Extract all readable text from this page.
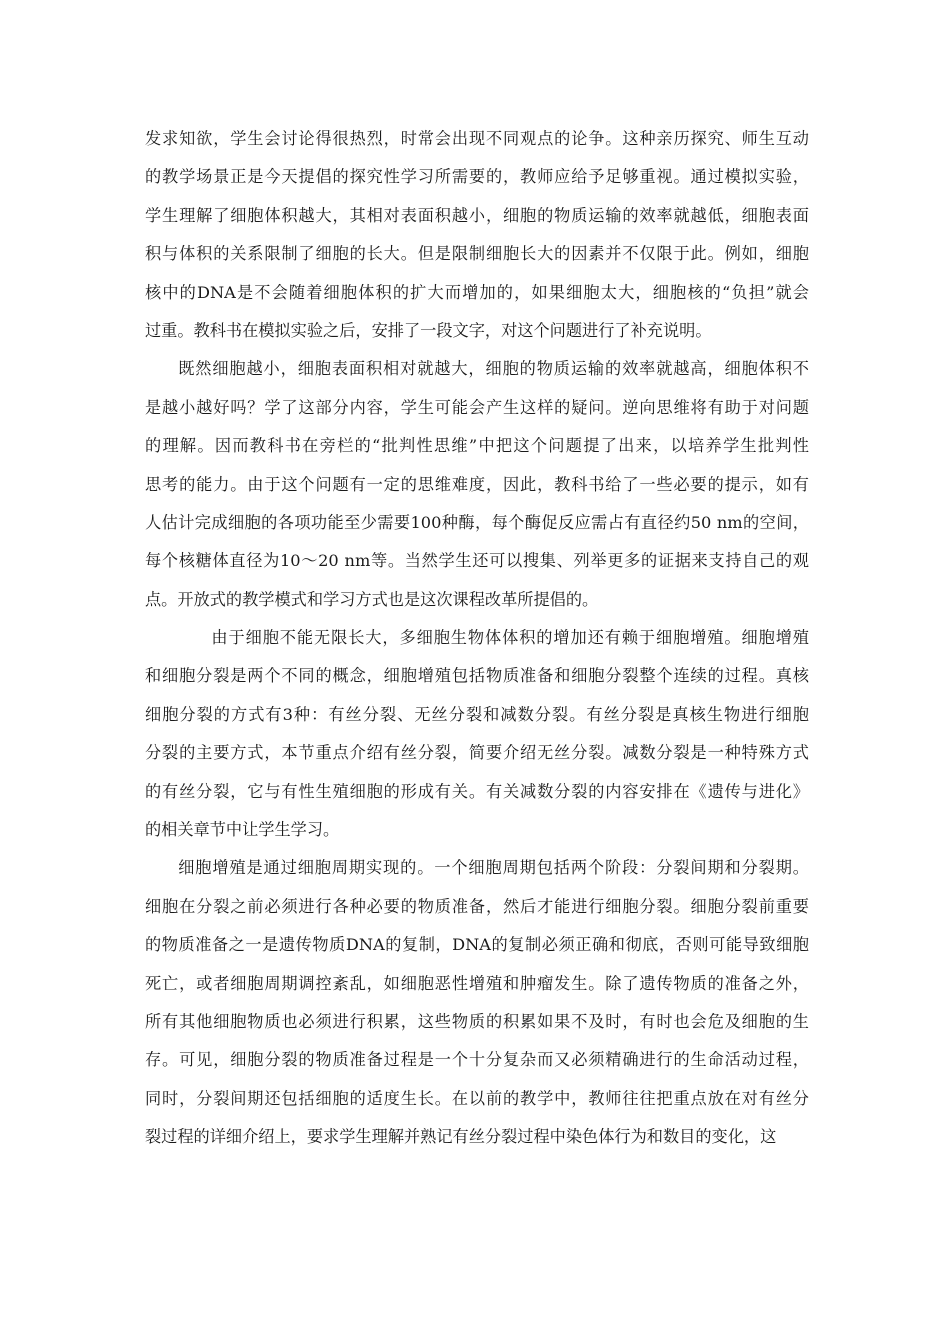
发求知欲，学生会讨论得很热烈，时常会出现不同观点的论争。这种亲历探究、师生互动
的教学场景正是今天提倡的探究性学习所需要的，教师应给予足够重视。通过模拟实验，
学生理解了细胞体积越大，其相对表面积越小，细胞的物质运输的效率就越低，细胞表面
积与体积的关系限制了细胞的长大。但是限制细胞长大的因素并不仅限于此。例如，细胞
核中的DNA是不会随着细胞体积的扩大而增加的，如果细胞太大，细胞核的“负担”就会
过重。教科书在模拟实验之后，安排了一段文字，对这个问题进行了补充说明。
既然细胞越小，细胞表面积相对就越大，细胞的物质运输的效率就越高，细胞体积不
是越小越好吗？学了这部分内容，学生可能会产生这样的疑问。逆向思维将有助于对问题
的理解。因而教科书在旁栏的“批判性思维”中把这个问题提了出来，以培养学生批判性
思考的能力。由于这个问题有一定的思维难度，因此，教科书给了一些必要的提示，如有
人估计完成细胞的各项功能至少需要100种酶，每个酶促反应需占有直径约50 nm的空间，
每个核糖体直径为10～20 nm等。当然学生还可以搜集、列举更多的证据来支持自己的观
点。开放式的教学模式和学习方式也是这次课程改革所提倡的。
由于细胞不能无限长大，多细胞生物体体积的增加还有赖于细胞增殖。细胞增殖
和细胞分裂是两个不同的概念，细胞增殖包括物质准备和细胞分裂整个连续的过程。真核
细胞分裂的方式有3种：有丝分裂、无丝分裂和减数分裂。有丝分裂是真核生物进行细胞
分裂的主要方式，本节重点介绍有丝分裂，简要介绍无丝分裂。减数分裂是一种特殊方式
的有丝分裂，它与有性生殖细胞的形成有关。有关减数分裂的内容安排在《遗传与进化》
的相关章节中让学生学习。
细胞增殖是通过细胞周期实现的。一个细胞周期包括两个阶段：分裂间期和分裂期。
细胞在分裂之前必须进行各种必要的物质准备，然后才能进行细胞分裂。细胞分裂前重要
的物质准备之一是遗传物质DNA的复制，DNA的复制必须正确和彻底，否则可能导致细胞
死亡，或者细胞周期调控紊乱，如细胞恶性增殖和肿瘤发生。除了遗传物质的准备之外，
所有其他细胞物质也必须进行积累，这些物质的积累如果不及时，有时也会危及细胞的生
存。可见，细胞分裂的物质准备过程是一个十分复杂而又必须精确进行的生命活动过程，
同时，分裂间期还包括细胞的适度生长。在以前的教学中，教师往往把重点放在对有丝分
裂过程的详细介绍上，要求学生理解并熟记有丝分裂过程中染色体行为和数目的变化，这
